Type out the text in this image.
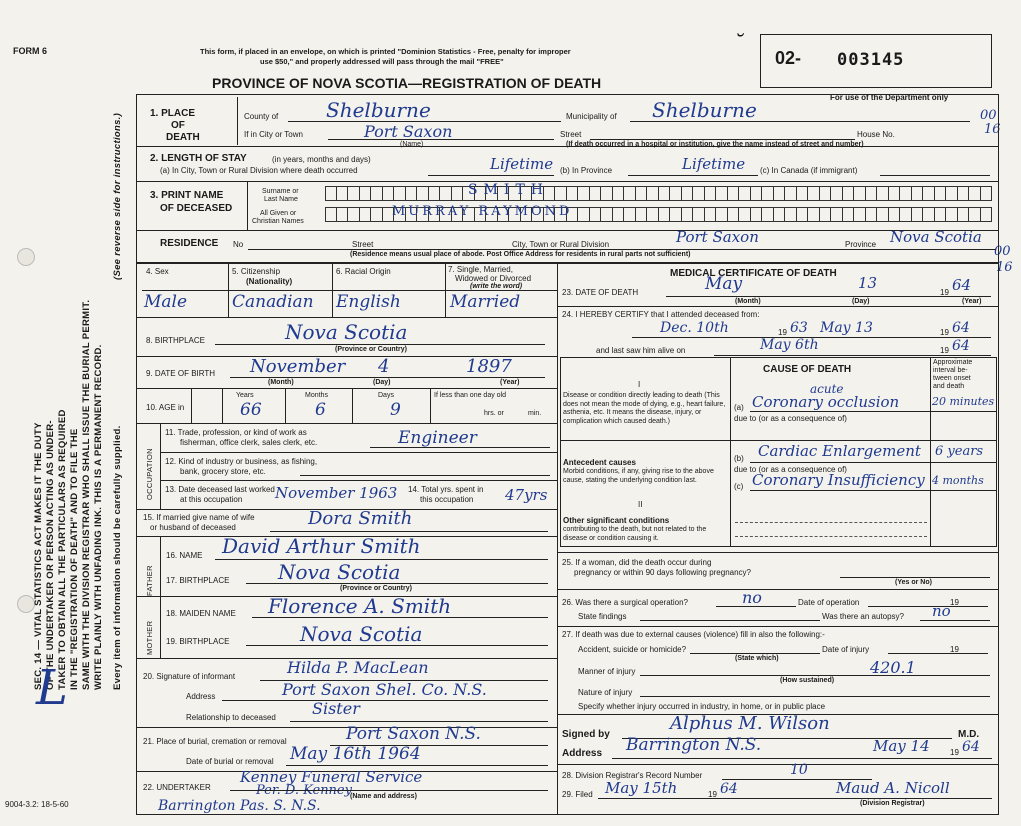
FORM 6	This form, if placed in an envelope, on which is printed "Dominion Statistics - Free, penalty for improper
use $50," and properly addressed will pass through the mail "FREE"
PROVINCE OF NOVA SCOTIA—REGISTRATION OF DEATH
˘
02- 003145
For use of the Department only
00
16
00
16
SEC. 14 — VITAL STATISTICS ACT MAKES IT THE DUTY OF THE UNDERTAKER OR PERSON ACTING AS UNDER- TAKER TO OBTAIN ALL THE PARTICULARS AS REQUIRED IN THE "REGISTRATION OF DEATH" AND TO FILE THE SAME WITH THE DIVISION REGISTRAR WHO SHALL ISSUE THE BURIAL PERMIT. WRITE PLAINLY WITH UNFADING INK. THIS IS A PERMANENT RECORD. Every item of information should be carefully supplied.
(See reverse side for instructions.)
L
1. PLACE
OF
DEATH
County of Shelburne	Municipality of Shelburne
If in City or Town	Port Saxon
(Name)
Street	House No.
(If death occurred in a hospital or institution, give the name instead of street and number)
2. LENGTH OF STAY	(in years, months and days)
(a) In City, Town or Rural Division where death occurred	Lifetime (b) In Province	Lifetime (c) In Canada (if immigrant)
3. PRINT NAME
OF DECEASED
Surname or
Last Name
All Given or
Christian Names
SMITH
MURRAY RAYMOND
RESIDENCE No	Street	City, Town or Rural Division	Port Saxon	Province Nova Scotia
(Residence means usual place of abode. Post Office Address for residents in rural parts not sufficient)
4. Sex	5. Citizenship
(Nationality)
6. Racial Origin	7. Single, Married,
Widowed or Divorced
(write the word)
Male	Canadian English	Married
8. BIRTHPLACE	Nova Scotia
(Province or Country)
9. DATE OF BIRTH November 4	1897
(Month)	(Day)	(Year)
10. AGE in
Years	Months	Days	If less than one day old
66	6	9	hrs. or	min.
OCCUPATION
11. Trade, profession, or kind of work as
fisherman, office clerk, sales clerk, etc.	Engineer
12. Kind of industry or business, as fishing,
bank, grocery store, etc.
13. Date deceased last worked
at this occupation November 1963 14. Total yrs. spent in
this occupation 47yrs
15. If married give name of wife
or husband of deceased	Dora Smith
FATHER
16. NAME David Arthur Smith
17. BIRTHPLACE Nova Scotia
(Province or Country)
MOTHER
18. MAIDEN NAME Florence A. Smith
19. BIRTHPLACE	Nova Scotia
20. Signature of informant	Hilda P. MacLean
Address	Port Saxon Shel. Co. N.S.
Relationship to deceased Sister
21. Place of burial, cremation or removal	Port Saxon N.S.
Date of burial or removal May 16th 1964
22. UNDERTAKER
Kenney Funeral Service
Per. D. Kenney
Barrington Pas. S. N.S.
(Name and address)
9004-3.2: 18-5-60
MEDICAL CERTIFICATE OF DEATH
23. DATE OF DEATH	May	13
19 64
(Month)	(Day)	(Year)
24. I HEREBY CERTIFY that I attended deceased from:
Dec. 10th	19 63 May 13	19 64
and last saw him alive on	May 6th	19 64
CAUSE OF DEATH
Approximate
interval be-
tween onset
and death
I
Disease or condition directly leading to death (This does not mean the mode of dying, e.g., heart failure, asthenia, etc. It means the disease, injury, or complication which caused death.)
acute
(a) Coronary occlusion	20 minutes
due to (or as a consequence of)
Antecedent causes
Morbid conditions, if any, giving rise to the above cause, stating the underlying condition last.
(b) Cardiac Enlargement 6 years
due to (or as a consequence of)
(c) Coronary Insufficiency 4 months
II
Other significant conditions
contributing to the death, but not related to the disease or condition causing it.
25. If a woman, did the death occur during
pregnancy or within 90 days following pregnancy?
(Yes or No)
26. Was there a surgical operation?	no	Date of operation	19
State findings	Was there an autopsy? no
27. If death was due to external causes (violence) fill in also the following:-
Accident, suicide or homicide?
(State which)
Date of injury	19
Manner of injury	420.1
(How sustained)
Nature of injury
Specify whether injury occurred in industry, in home, or in public place
Signed by
Alphus M. Wilson
M.D.
Address Barrington N.S.	May 14	19 64
28. Division Registrar's Record Number	10
29. Filed May 15th	19 64	Maud A. Nicoll
(Division Registrar)
